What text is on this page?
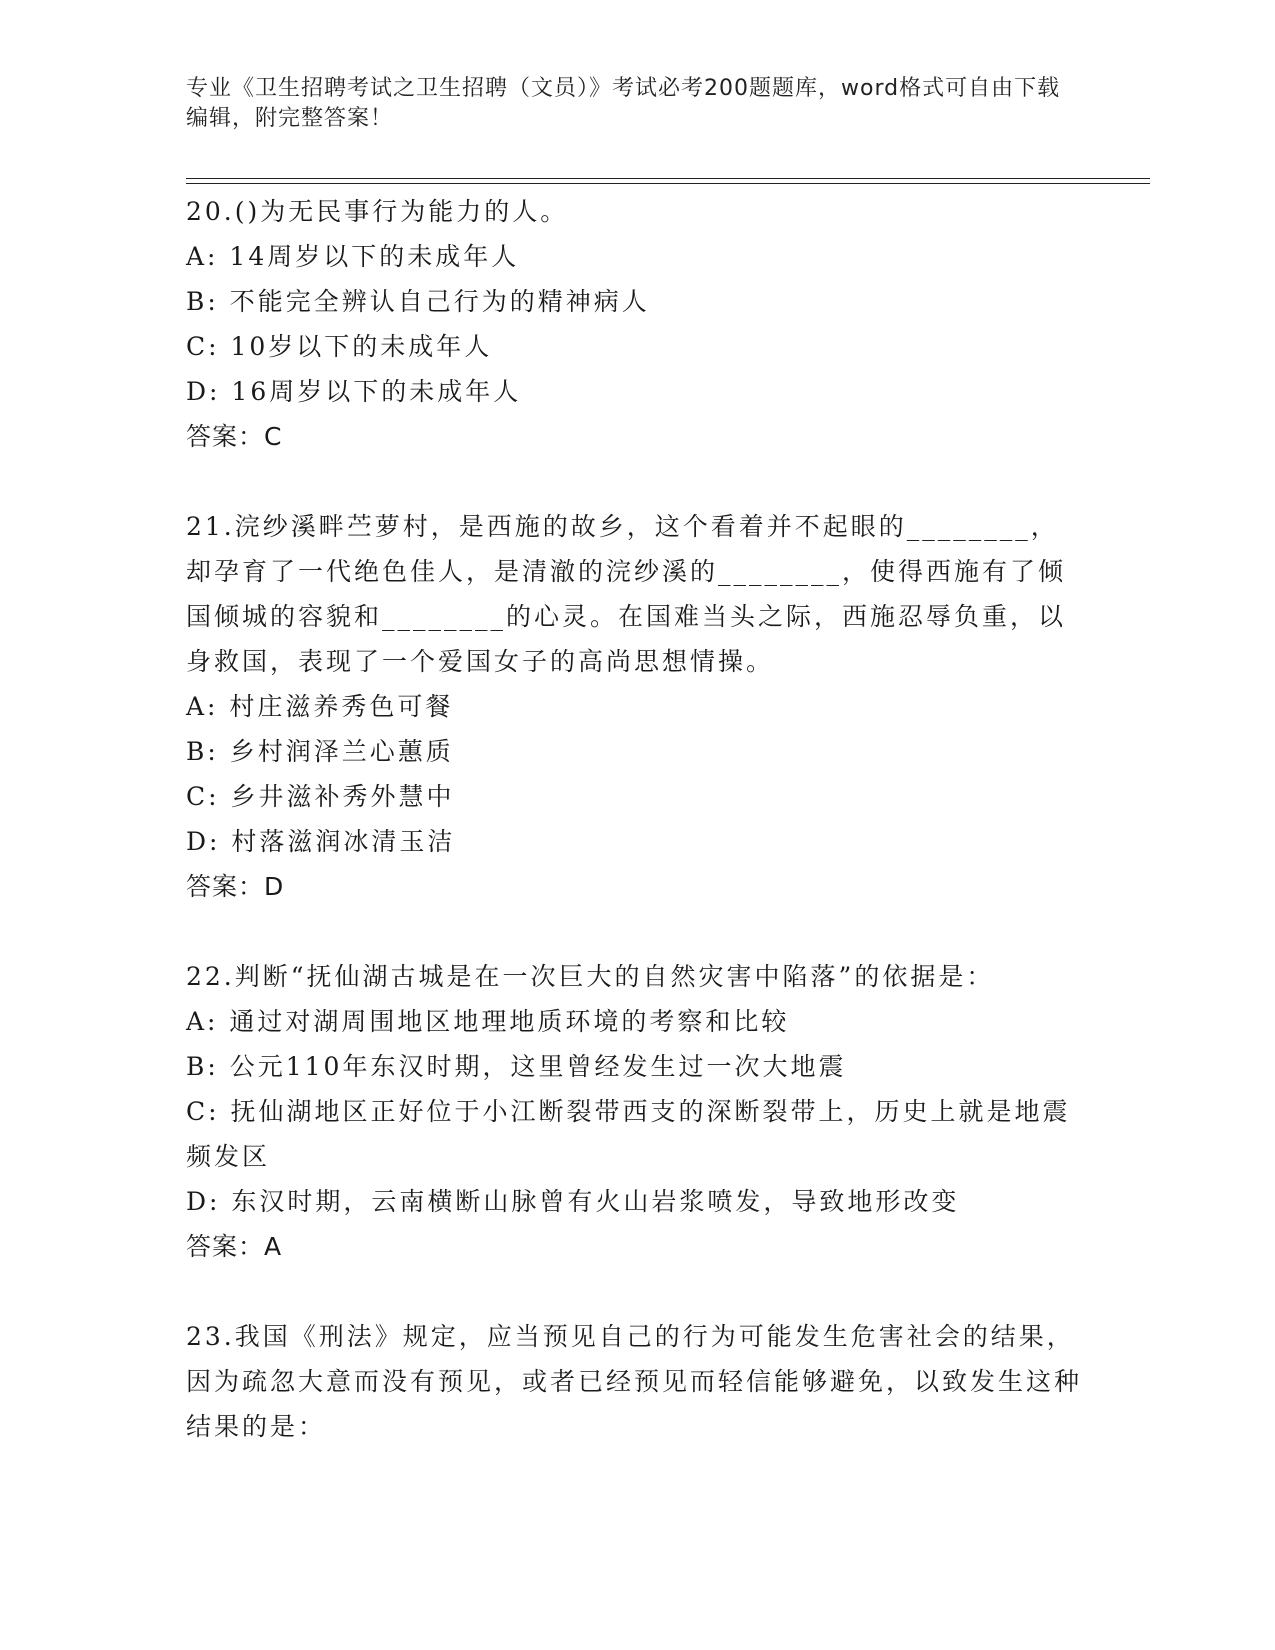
专业《卫生招聘考试之卫生招聘（文员）》考试必考200题题库，word格式可自由下载编辑，附完整答案！

20.()为无民事行为能力的人。

A: 14周岁以下的未成年人

B: 不能完全辨认自己行为的精神病人

C: 10岁以下的未成年人

D: 16周岁以下的未成年人

答案：C

21.浣纱溪畔苎萝村，是西施的故乡，这个看着并不起眼的________，却孕育了一代绝色佳人，是清澈的浣纱溪的________，使得西施有了倾国倾城的容貌和________的心灵。在国难当头之际，西施忍辱负重，以身救国，表现了一个爱国女子的高尚思想情操。

A: 村庄滋养秀色可餐

B: 乡村润泽兰心蕙质

C: 乡井滋补秀外慧中

D: 村落滋润冰清玉洁

答案：D

22.判断“抚仙湖古城是在一次巨大的自然灾害中陷落”的依据是：

A: 通过对湖周围地区地理地质环境的考察和比较

B: 公元110年东汉时期，这里曾经发生过一次大地震

C: 抚仙湖地区正好位于小江断裂带西支的深断裂带上，历史上就是地震频发区

D: 东汉时期，云南横断山脉曾有火山岩浆喷发，导致地形改变

答案：A

23.我国《刑法》规定，应当预见自己的行为可能发生危害社会的结果，因为疏忽大意而没有预见，或者已经预见而轻信能够避免，以致发生这种结果的是：
